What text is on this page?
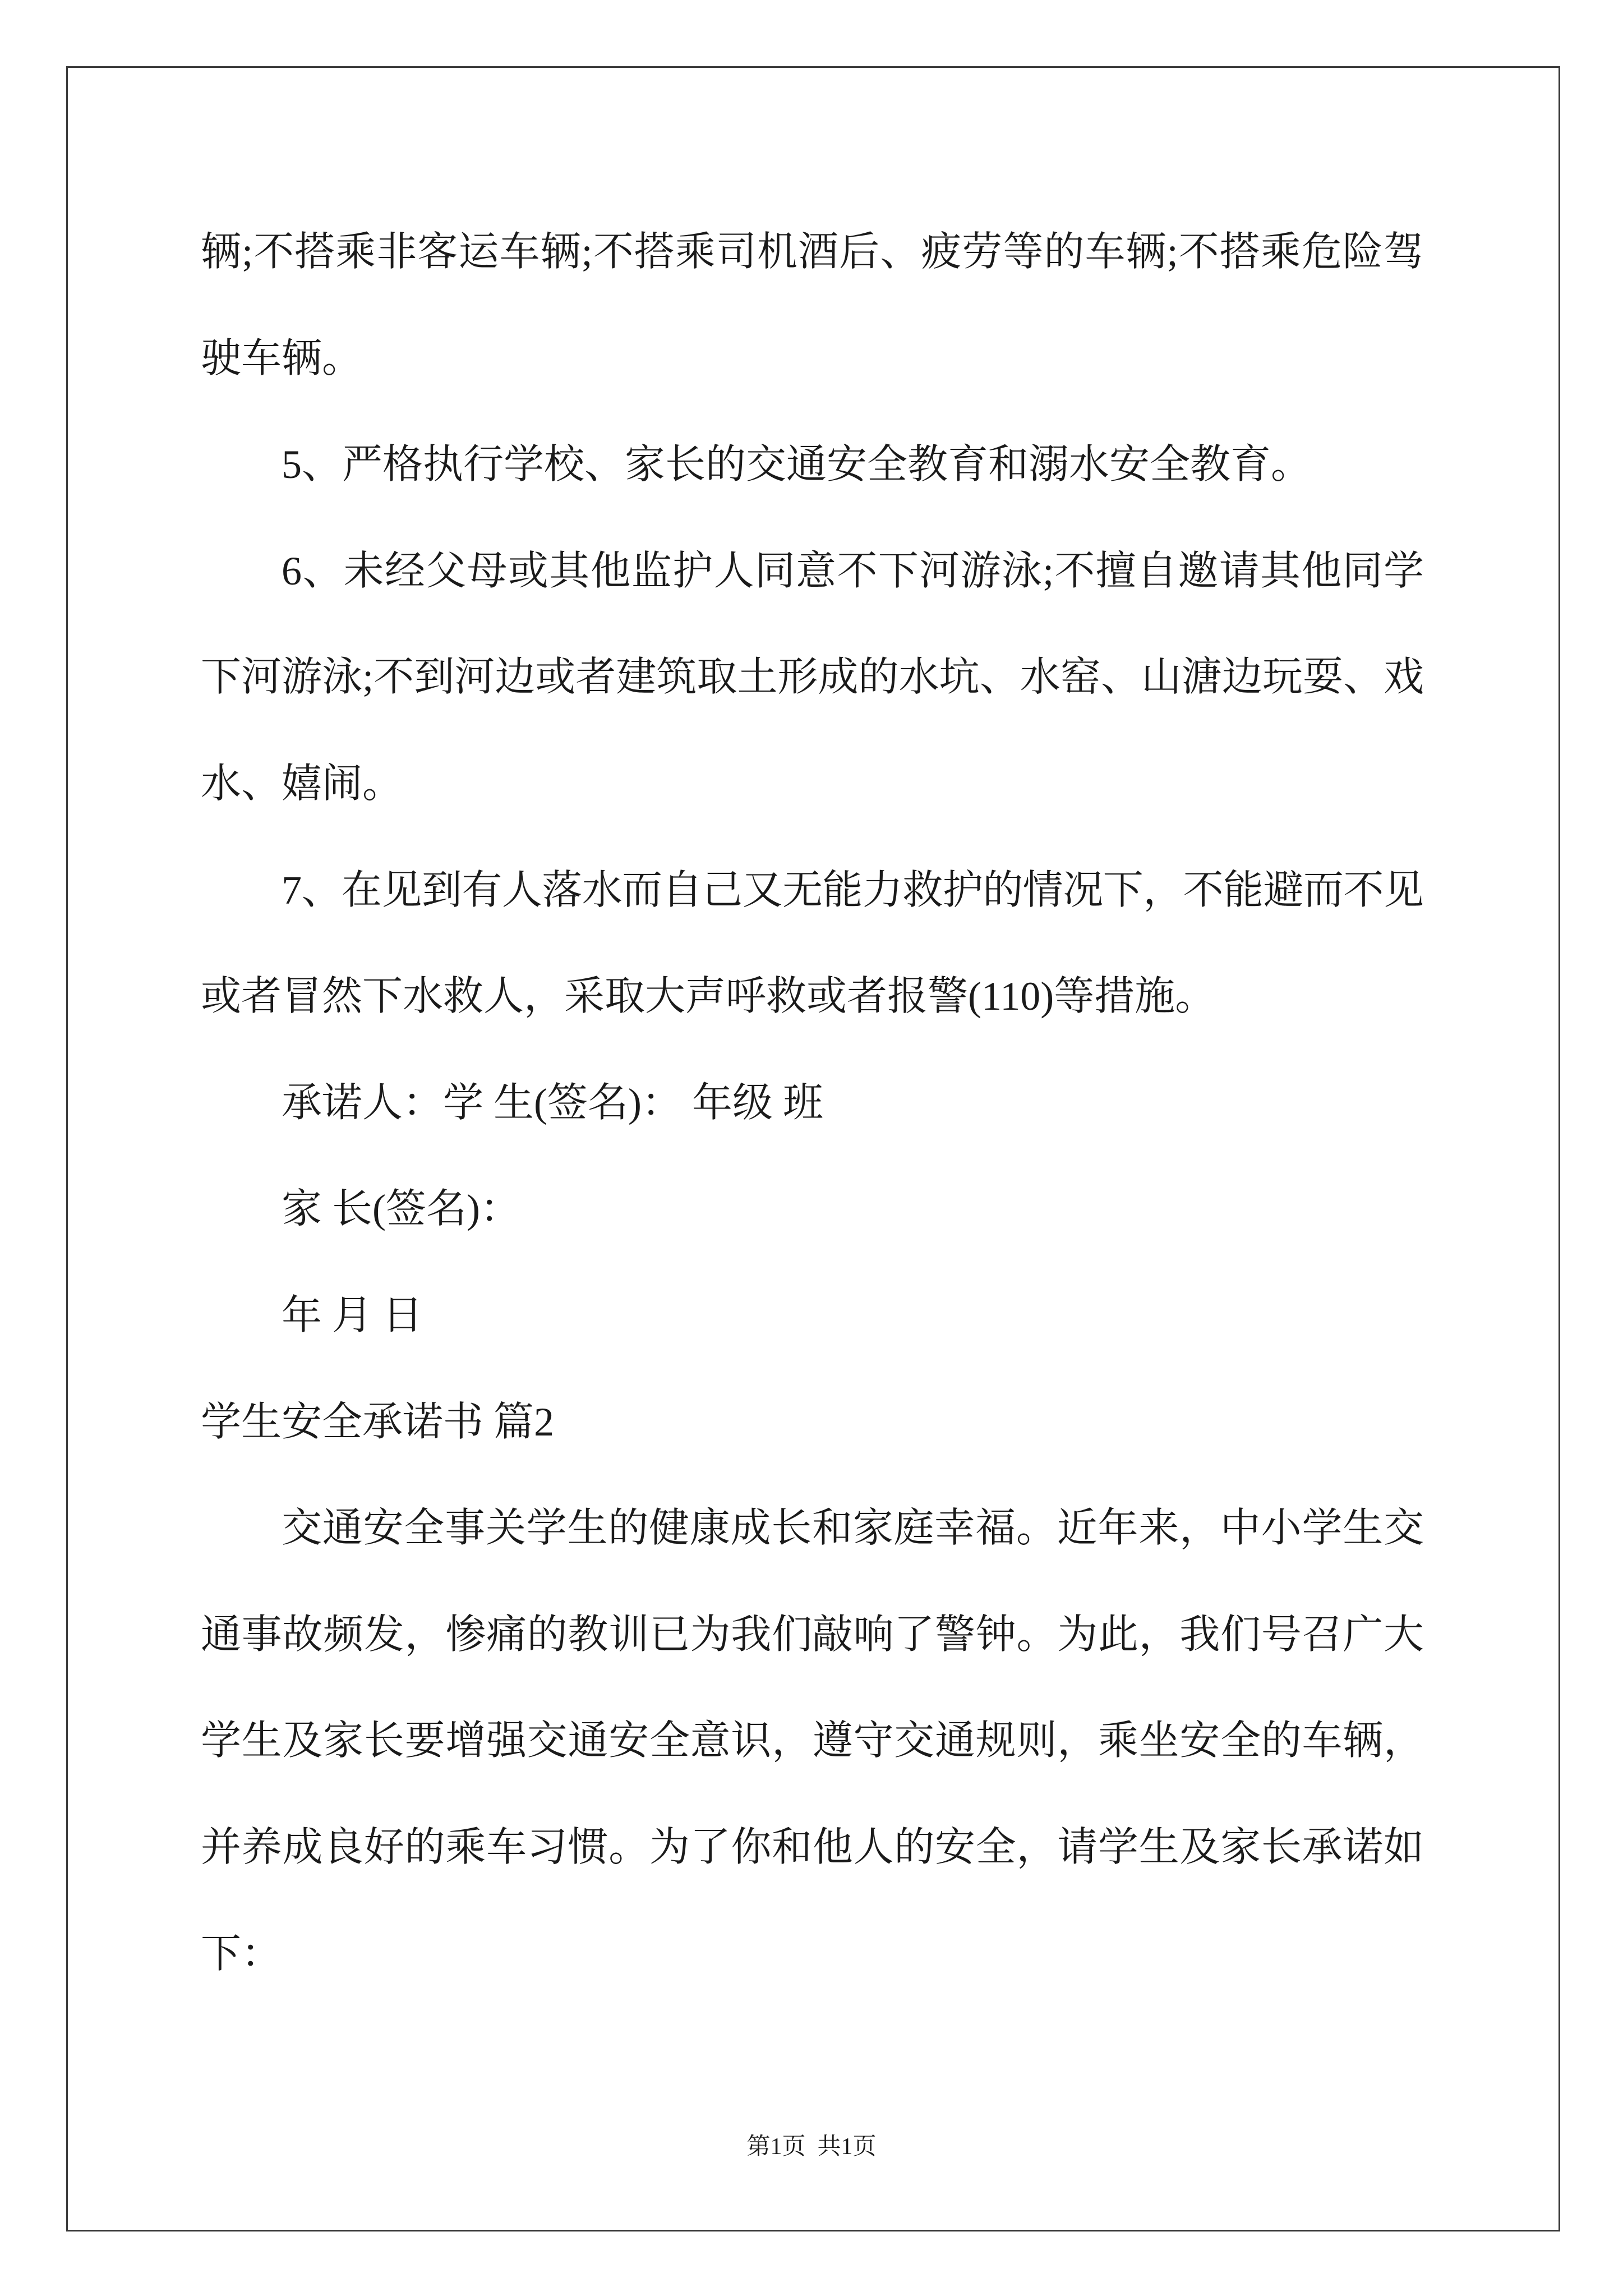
辆;不搭乘非客运车辆;不搭乘司机酒后、疲劳等的车辆;不搭乘危险驾
驶车辆。
5、严格执行学校、家长的交通安全教育和溺水安全教育。
6、未经父母或其他监护人同意不下河游泳;不擅自邀请其他同学
下河游泳;不到河边或者建筑取土形成的水坑、水窑、山溏边玩耍、戏
水、嬉闹。
7、在见到有人落水而自己又无能力救护的情况下，不能避而不见
或者冒然下水救人，采取大声呼救或者报警(110)等措施。
承诺人：学 生(签名)： 年级 班
家 长(签名)：
年 月 日
学生安全承诺书 篇2
交通安全事关学生的健康成长和家庭幸福。近年来，中小学生交
通事故频发，惨痛的教训已为我们敲响了警钟。为此，我们号召广大
学生及家长要增强交通安全意识，遵守交通规则，乘坐安全的车辆，
并养成良好的乘车习惯。为了你和他人的安全，请学生及家长承诺如
下：
第1页  共1页
